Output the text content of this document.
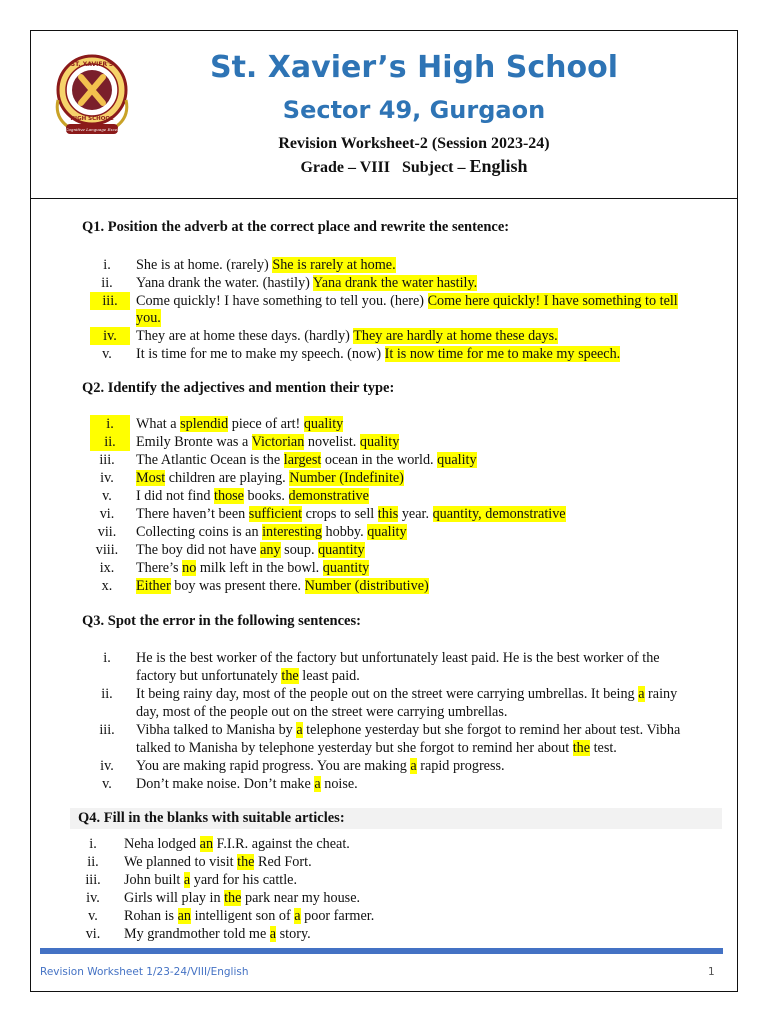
ST. XAVIER'S
HIGH SCHOOL
Cognitive Language Excel
St. Xavier’s High School
Sector 49, Gurgaon
Revision Worksheet-2 (Session 2023-24)
Grade – VIII   Subject – English
Q1. Position the adverb at the correct place and rewrite the sentence:
i.	She is at home. (rarely) She is rarely at home.
ii.	Yana drank the water. (hastily) Yana drank the water hastily.
iii.	Come quickly! I have something to tell you. (here) Come here quickly! I have something to tell
you.
iv.	They are at home these days. (hardly) They are hardly at home these days.
v.	It is time for me to make my speech. (now) It is now time for me to make my speech.
Q2. Identify the adjectives and mention their type:
i.	What a splendid piece of art! quality
ii.	Emily Bronte was a Victorian novelist. quality
iii.	The Atlantic Ocean is the largest ocean in the world. quality
iv.	Most children are playing. Number (Indefinite)
v.	I did not find those books. demonstrative
vi.	There haven’t been sufficient crops to sell this year. quantity, demonstrative
vii.	Collecting coins is an interesting hobby. quality
viii. The boy did not have any soup. quantity
ix.	There’s no milk left in the bowl. quantity
x.	Either boy was present there. Number (distributive)
Q3. Spot the error in the following sentences:
i.	He is the best worker of the factory but unfortunately least paid. He is the best worker of the
factory but unfortunately the least paid.
ii.	It being rainy day, most of the people out on the street were carrying umbrellas. It being a rainy
day, most of the people out on the street were carrying umbrellas.
iii.	Vibha talked to Manisha by a telephone yesterday but she forgot to remind her about test. Vibha
talked to Manisha by telephone yesterday but she forgot to remind her about the test.
iv.	You are making rapid progress. You are making a rapid progress.
v.	Don’t make noise. Don’t make a noise.
Q4. Fill in the blanks with suitable articles:
i.	Neha lodged an F.I.R. against the cheat.
ii.	We planned to visit the Red Fort.
iii.	John built a yard for his cattle.
iv.	Girls will play in the park near my house.
v.	Rohan is an intelligent son of a poor farmer.
vi.	My grandmother told me a story.
Revision Worksheet 1/23-24/VIII/English	1
